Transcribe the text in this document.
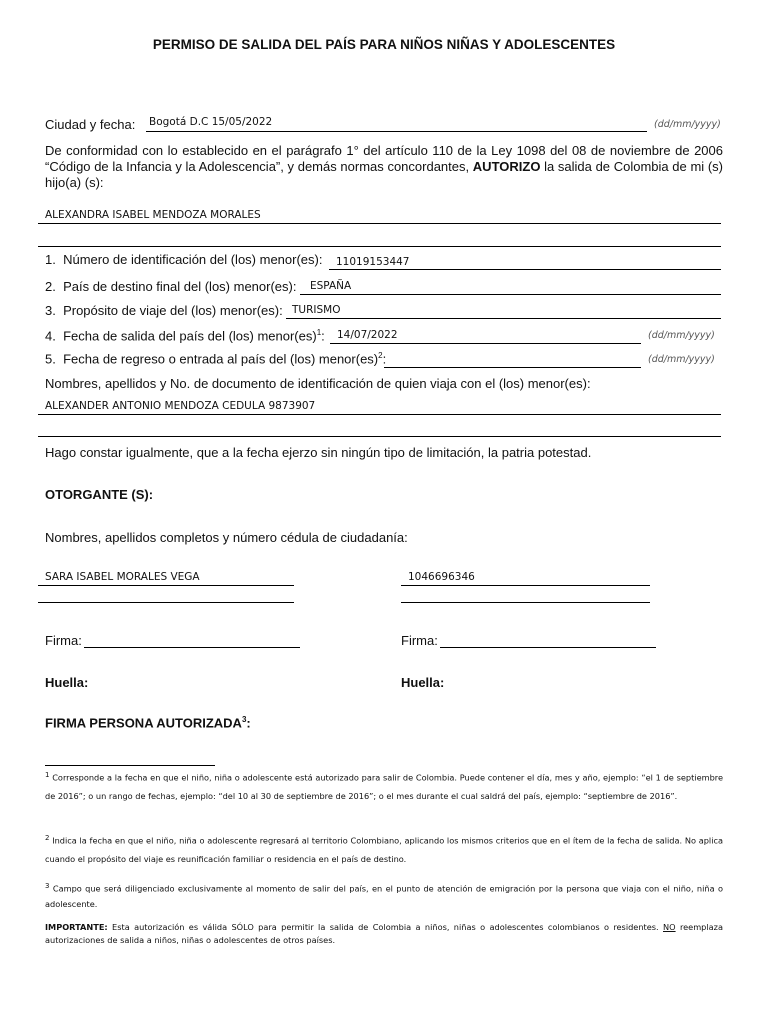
PERMISO DE SALIDA DEL PAÍS PARA NIÑOS NIÑAS Y ADOLESCENTES
Ciudad y fecha: Bogotá D.C 15/05/2022	(dd/mm/yyyy)
De conformidad con lo establecido en el parágrafo 1° del artículo 110 de la Ley 1098 del 08 de noviembre de 2006 “Código de la Infancia y la Adolescencia”, y demás normas concordantes, AUTORIZO la salida de Colombia de mi (s) hijo(a) (s):
ALEXANDRA ISABEL MENDOZA MORALES
1. Número de identificación del (los) menor(es): 11019153447
2. País de destino final del (los) menor(es): ESPAÑA
3. Propósito de viaje del (los) menor(es): TURISMO
4. Fecha de salida del país del (los) menor(es)$^1$: 14/07/2022	(dd/mm/yyyy)
5. Fecha de regreso o entrada al país del (los) menor(es)$^2$:	(dd/mm/yyyy)
Nombres, apellidos y No. de documento de identificación de quien viaja con el (los) menor(es):
ALEXANDER ANTONIO MENDOZA CEDULA 9873907
Hago constar igualmente, que a la fecha ejerzo sin ningún tipo de limitación, la patria potestad.
OTORGANTE (S):
Nombres, apellidos completos y número cédula de ciudadanía:
SARA ISABEL MORALES VEGA	1046696346
Firma:	Firma:
Huella:	Huella:
FIRMA PERSONA AUTORIZADA$^3$:
$^1$ Corresponde a la fecha en que el niño, niña o adolescente está autorizado para salir de Colombia. Puede contener el día, mes y año, ejemplo: “el 1 de septiembre de 2016”; o un rango de fechas, ejemplo: “del 10 al 30 de septiembre de 2016”; o el mes durante el cual saldrá del país, ejemplo: “septiembre de 2016”.
$^2$ Indica la fecha en que el niño, niña o adolescente regresará al territorio Colombiano, aplicando los mismos criterios que en el ítem de la fecha de salida. No aplica cuando el propósito del viaje es reunificación familiar o residencia en el país de destino.
$^3$ Campo que será diligenciado exclusivamente al momento de salir del país, en el punto de atención de emigración por la persona que viaja con el niño, niña o adolescente.
IMPORTANTE: Esta autorización es válida SÓLO para permitir la salida de Colombia a niños, niñas o adolescentes colombianos o residentes. NO reemplaza autorizaciones de salida a niños, niñas o adolescentes de otros países.
